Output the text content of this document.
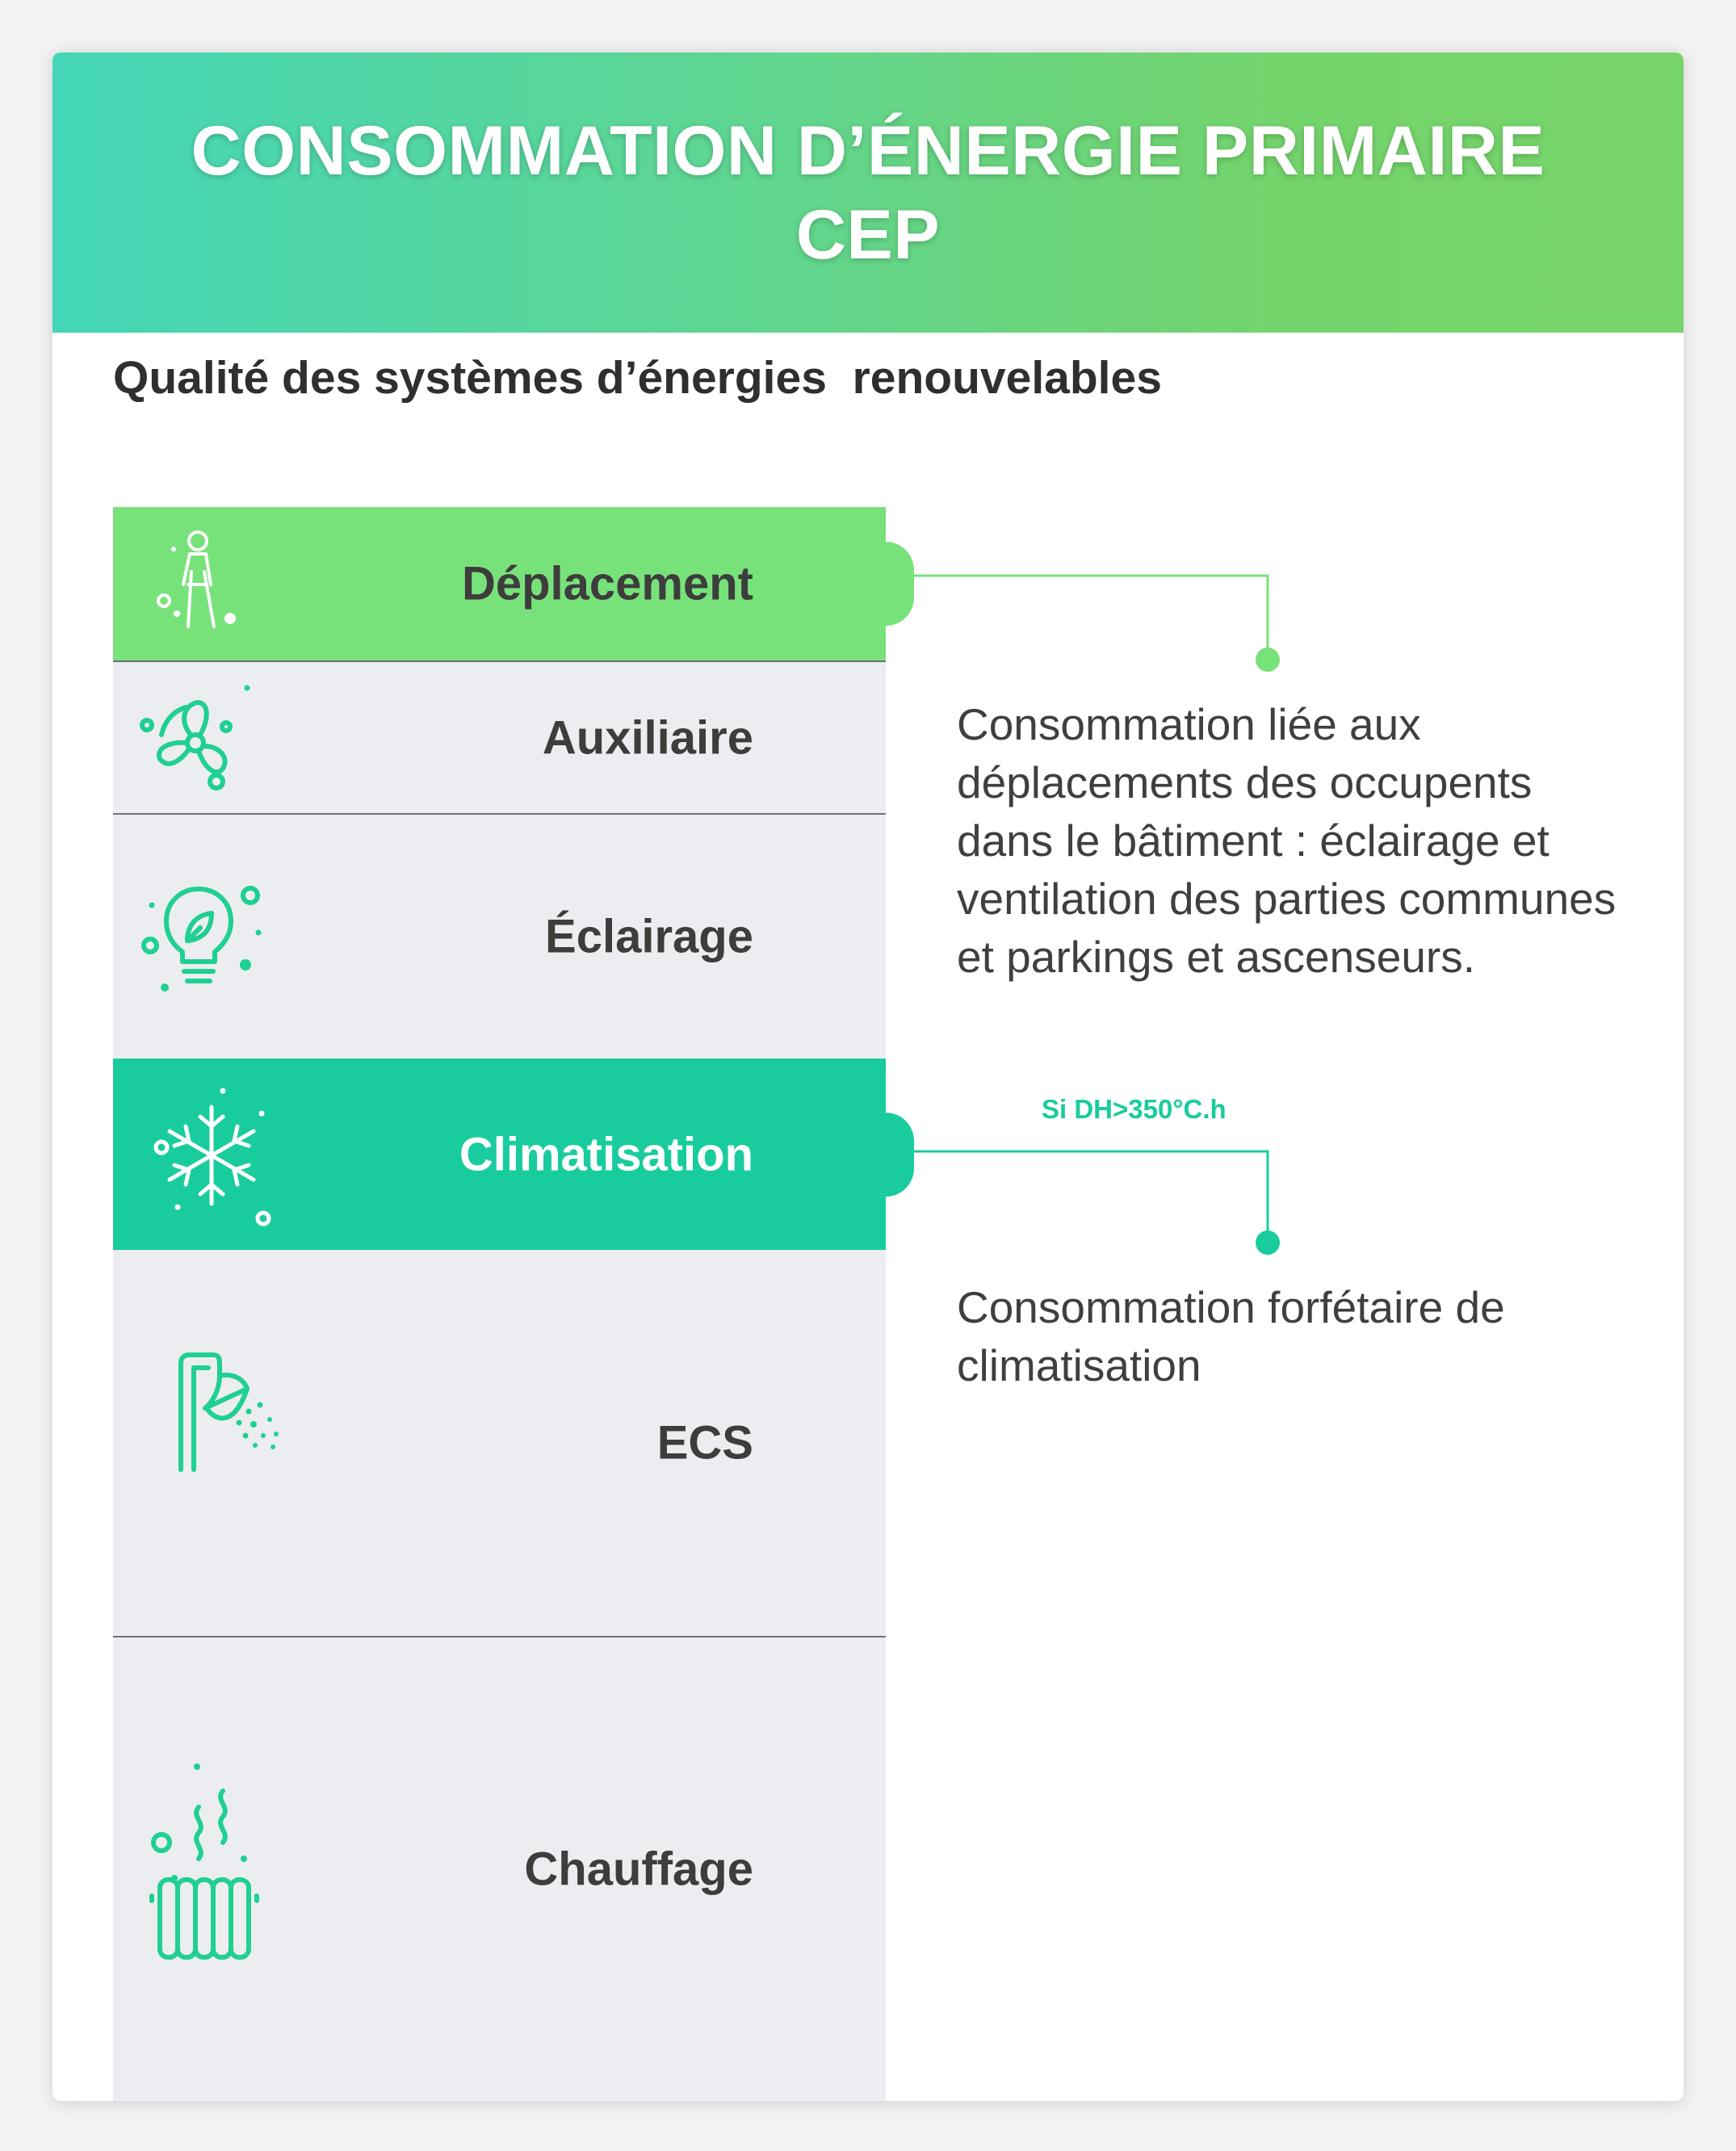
CONSOMMATION D’ÉNERGIE PRIMAIRE
CEP
Qualité des systèmes d’énergies  renouvelables
Déplacement
Auxiliaire
Éclairage
Climatisation
ECS
Chauffage
Consommation liée aux déplacements des occupents dans le bâtiment : éclairage et ventilation des parties communes et parkings et ascenseurs.
Si DH>350°C.h
Consommation forfétaire de climatisation
